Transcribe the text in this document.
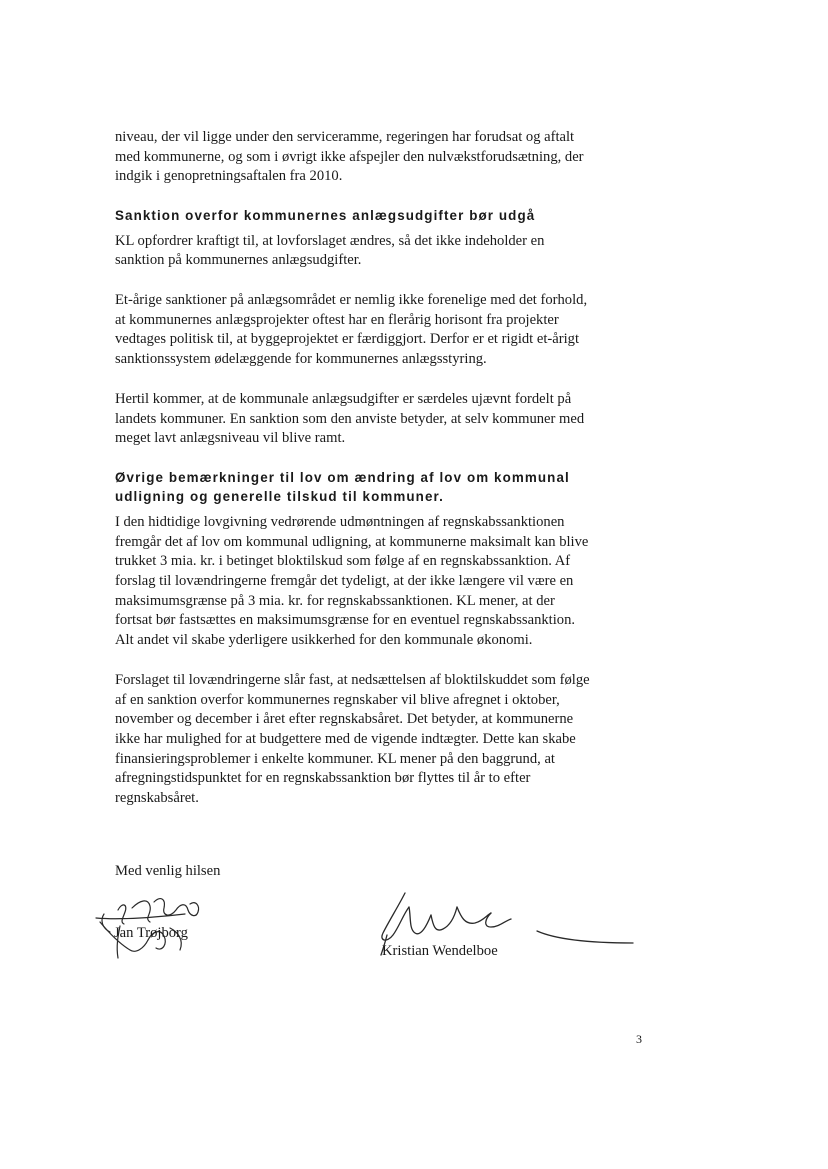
niveau, der vil ligge under den serviceramme, regeringen har forudsat og aftalt med kommunerne, og som i øvrigt ikke afspejler den nulvækstforudsætning, der indgik i genopretningsaftalen fra 2010.

Sanktion overfor kommunernes anlægsudgifter bør udgå

KL opfordrer kraftigt til, at lovforslaget ændres, så det ikke indeholder en sanktion på kommunernes anlægsudgifter.

Et-årige sanktioner på anlægsområdet er nemlig ikke forenelige med det forhold, at kommunernes anlægsprojekter oftest har en flerårig horisont fra projekter vedtages politisk til, at byggeprojektet er færdiggjort. Derfor er et rigidt et-årigt sanktionssystem ødelæggende for kommunernes anlægsstyring.

Hertil kommer, at de kommunale anlægsudgifter er særdeles ujævnt fordelt på landets kommuner. En sanktion som den anviste betyder, at selv kommuner med meget lavt anlægsniveau vil blive ramt.

Øvrige bemærkninger til lov om ændring af lov om kommunal udligning og generelle tilskud til kommuner.

I den hidtidige lovgivning vedrørende udmøntningen af regnskabssanktionen fremgår det af lov om kommunal udligning, at kommunerne maksimalt kan blive trukket 3 mia. kr. i betinget bloktilskud som følge af en regnskabssanktion. Af forslag til lovændringerne fremgår det tydeligt, at der ikke længere vil være en maksimumsgrænse på 3 mia. kr. for regnskabssanktionen. KL mener, at der fortsat bør fastsættes en maksimumsgrænse for en eventuel regnskabssanktion. Alt andet vil skabe yderligere usikkerhed for den kommunale økonomi.

Forslaget til lovændringerne slår fast, at nedsættelsen af bloktilskuddet som følge af en sanktion overfor kommunernes regnskaber vil blive afregnet i oktober, november og december i året efter regnskabsåret. Det betyder, at kommunerne ikke har mulighed for at budgettere med de vigende indtægter. Dette kan skabe finansieringsproblemer i enkelte kommuner. KL mener på den baggrund, at afregningstidspunktet for en regnskabssanktion bør flyttes til år to efter regnskabsåret.

Med venlig hilsen
Jan Trøjborg
Kristian Wendelboe
3
